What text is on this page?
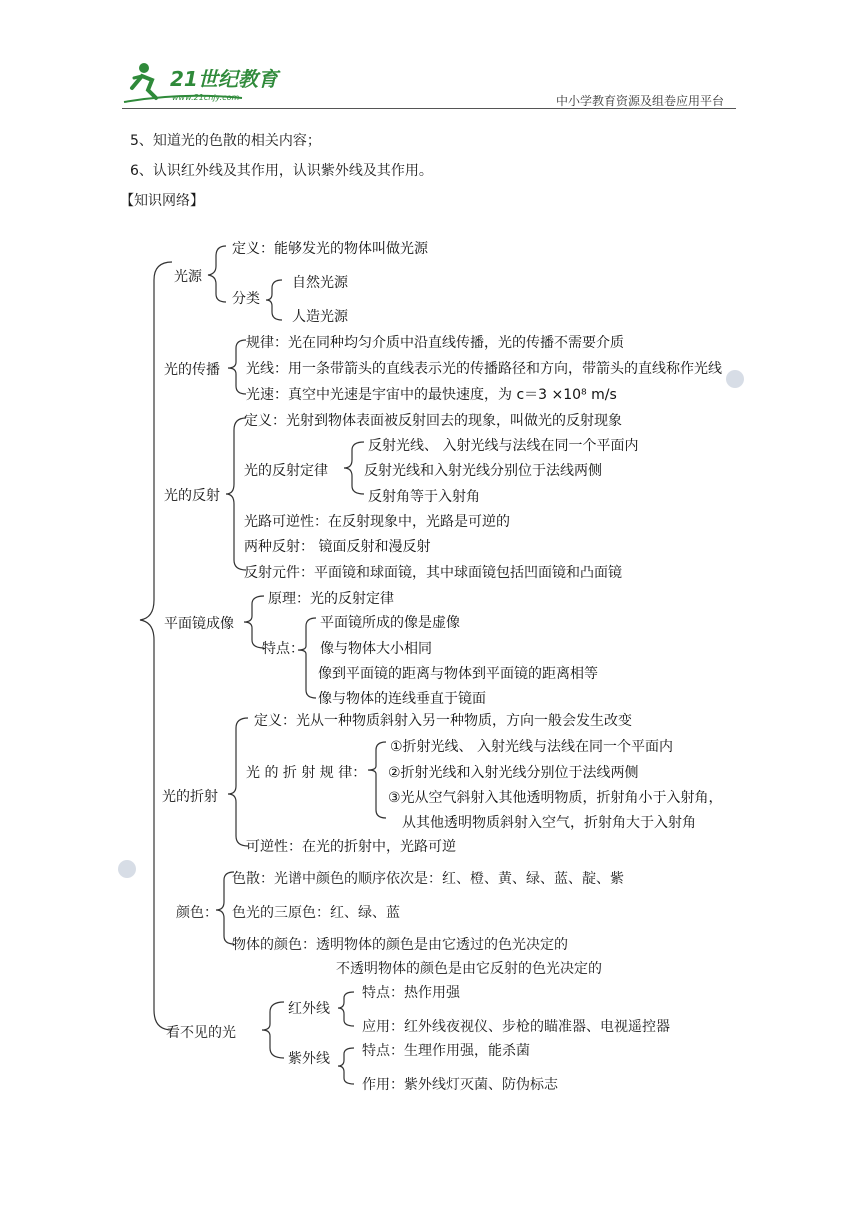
21世纪教育
www.21cnjy.com	中小学教育资源及组卷应用平台
5、知道光的色散的相关内容；
6、认识红外线及其作用，认识紫外线及其作用。
【知识网络】
光源
定义：能够发光的物体叫做光源
分类
自然光源
人造光源
光的传播
规律：光在同种均匀介质中沿直线传播，光的传播不需要介质
光线：用一条带箭头的直线表示光的传播路径和方向，带箭头的直线称作光线
光速：真空中光速是宇宙中的最快速度，为 c＝3 ×10⁸ m/s
光的反射
定义：光射到物体表面被反射回去的现象，叫做光的反射现象
光的反射定律
反射光线、 入射光线与法线在同一个平面内
反射光线和入射光线分别位于法线两侧
反射角等于入射角
光路可逆性：在反射现象中，光路是可逆的
两种反射： 镜面反射和漫反射
反射元件：平面镜和球面镜，其中球面镜包括凹面镜和凸面镜
平面镜成像
原理：光的反射定律
特点：
平面镜所成的像是虚像
像与物体大小相同
像到平面镜的距离与物体到平面镜的距离相等
像与物体的连线垂直于镜面
光的折射
定义：光从一种物质斜射入另一种物质，方向一般会发生改变
光 的 折 射 规 律：
①折射光线、 入射光线与法线在同一个平面内
②折射光线和入射光线分别位于法线两侧
③光从空气斜射入其他透明物质，折射角小于入射角，
从其他透明物质斜射入空气，折射角大于入射角
可逆性：在光的折射中，光路可逆
颜色：
色散：光谱中颜色的顺序依次是：红、橙、黄、绿、蓝、靛、紫
色光的三原色：红、绿、蓝
物体的颜色：透明物体的颜色是由它透过的色光决定的
不透明物体的颜色是由它反射的色光决定的
看不见的光
红外线
特点：热作用强
应用：红外线夜视仪、步枪的瞄准器、电视遥控器
紫外线 特点：生理作用强，能杀菌
作用：紫外线灯灭菌、防伪标志
